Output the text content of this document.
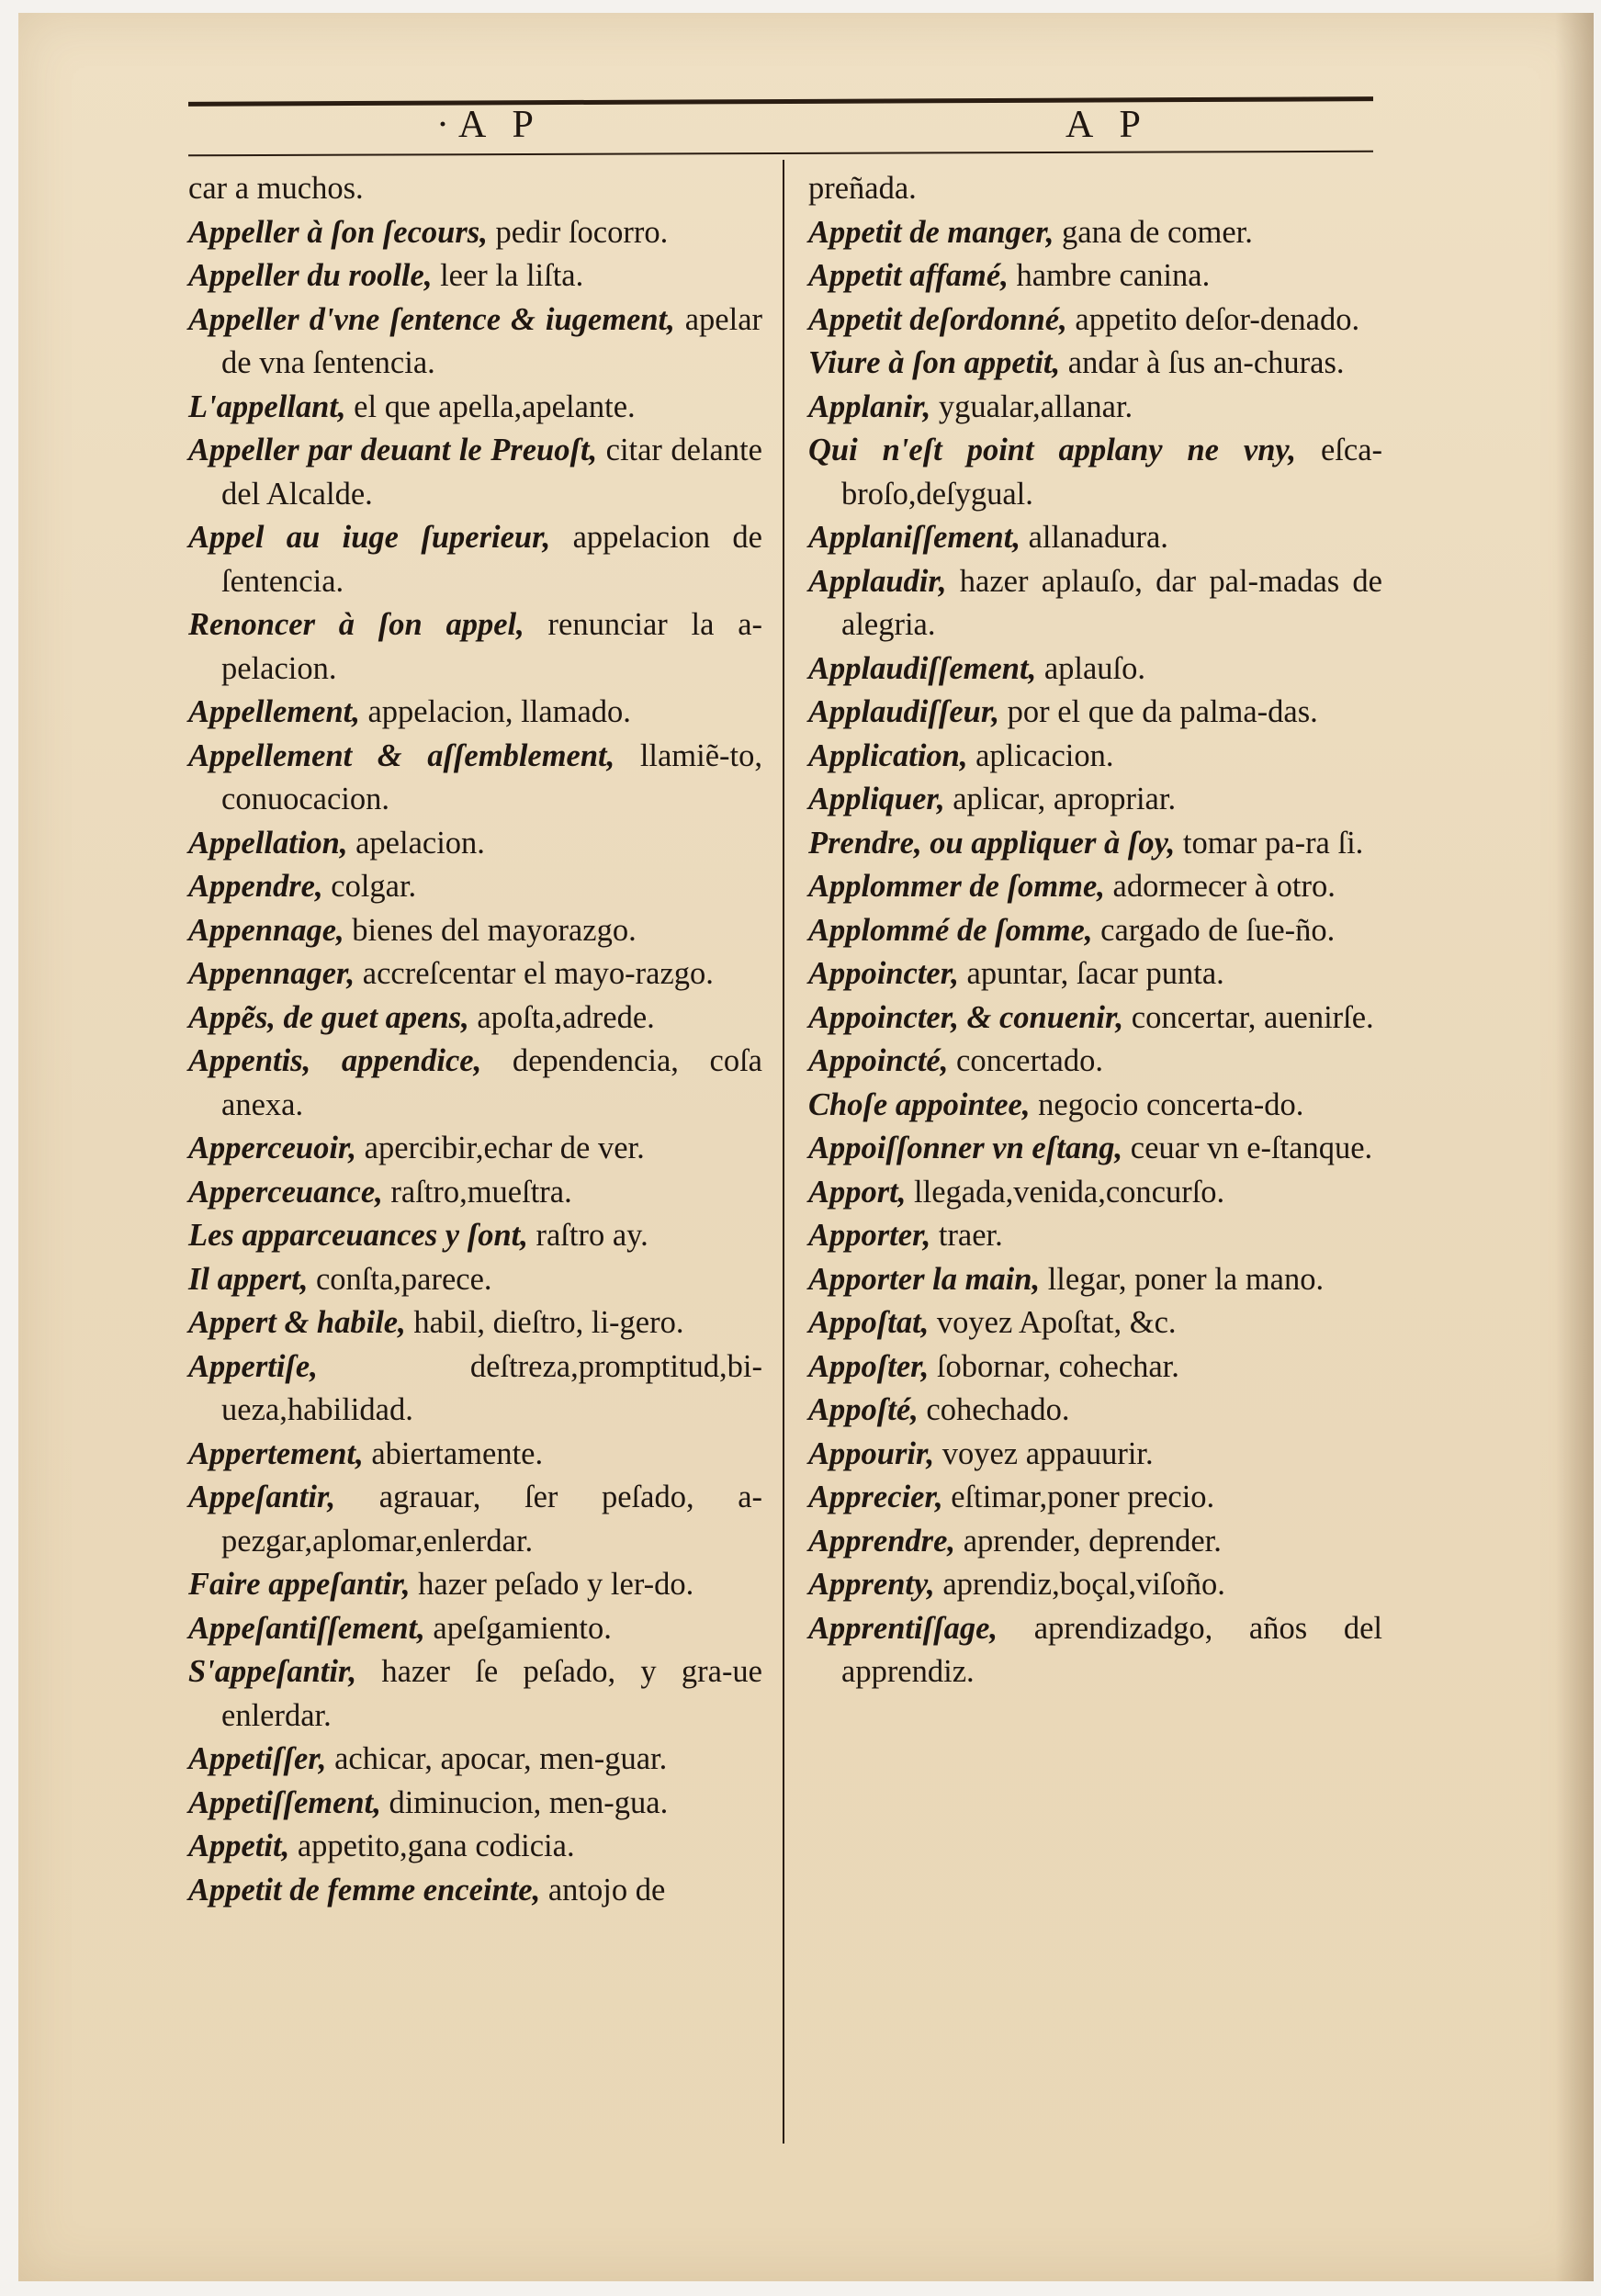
·A P	A P

car a muchos.

Appeller à ſon ſecours, pedir ſocorro.

Appeller du roolle, leer la liſta.

Appeller d'vne ſentence & iugement, apelar de vna ſentencia.

L'appellant, el que apella,apelante.

Appeller par deuant le Preuoſt, citar delante del Alcalde.

Appel au iuge ſuperieur, appelacion de ſentencia.

Renoncer à ſon appel, renunciar la a-pelacion.

Appellement, appelacion, llamado.

Appellement & aſſemblement, llamiẽ-to, conuocacion.

Appellation, apelacion.

Appendre, colgar.

Appennage, bienes del mayorazgo.

Appennager, accreſcentar el mayo-razgo.

Appẽs, de guet apens, apoſta,adrede.

Appentis, appendice, dependencia, coſa anexa.

Apperceuoir, apercibir,echar de ver.

Apperceuance, raſtro,mueſtra.

Les apparceuances y ſont, raſtro ay.

Il appert, conſta,parece.

Appert & habile, habil, dieſtro, li-gero.

Appertiſe, deſtreza,promptitud,bi-ueza,habilidad.

Appertement, abiertamente.

Appeſantir, agrauar, ſer peſado, a-pezgar,aplomar,enlerdar.

Faire appeſantir, hazer peſado y ler-do.

Appeſantiſſement, apeſgamiento.

S'appeſantir, hazer ſe peſado, y gra-ue enlerdar.

Appetiſſer, achicar, apocar, men-guar.

Appetiſſement, diminucion, men-gua.

Appetit, appetito,gana codicia.

Appetit de femme enceinte, antojo de

preñada.

Appetit de manger, gana de comer.

Appetit affamé, hambre canina.

Appetit deſordonné, appetito deſor-denado.

Viure à ſon appetit, andar à ſus an-churas.

Applanir, ygualar,allanar.

Qui n'eſt point applany ne vny, eſca-broſo,deſygual.

Applaniſſement, allanadura.

Applaudir, hazer aplauſo, dar pal-madas de alegria.

Applaudiſſement, aplauſo.

Applaudiſſeur, por el que da palma-das.

Application, aplicacion.

Appliquer, aplicar, apropriar.

Prendre, ou appliquer à ſoy, tomar pa-ra ſi.

Applommer de ſomme, adormecer à otro.

Applommé de ſomme, cargado de ſue-ño.

Appoincter, apuntar, ſacar punta.

Appoincter, & conuenir, concertar, auenirſe.

Appoincté, concertado.

Choſe appointee, negocio concerta-do.

Appoiſſonner vn eſtang, ceuar vn e-ſtanque.

Apport, llegada,venida,concurſo.

Apporter, traer.

Apporter la main, llegar, poner la mano.

Appoſtat, voyez Apoſtat, &c.

Appoſter, ſobornar, cohechar.

Appoſté, cohechado.

Appourir, voyez appauurir.

Apprecier, eſtimar,poner precio.

Apprendre, aprender, deprender.

Apprenty, aprendiz,boçal,viſoño.

Apprentiſſage, aprendizadgo, años del apprendiz.
